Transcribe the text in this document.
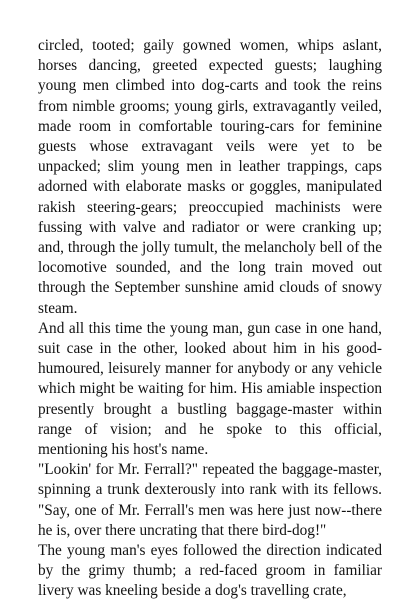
circled, tooted; gaily gowned women, whips aslant, horses dancing, greeted expected guests; laughing young men climbed into dog-carts and took the reins from nimble grooms; young girls, extravagantly veiled, made room in comfortable touring-cars for feminine guests whose extravagant veils were yet to be unpacked; slim young men in leather trappings, caps adorned with elaborate masks or goggles, manipulated rakish steering-gears; preoccupied machinists were fussing with valve and radiator or were cranking up; and, through the jolly tumult, the melancholy bell of the locomotive sounded, and the long train moved out through the September sunshine amid clouds of snowy steam.

And all this time the young man, gun case in one hand, suit case in the other, looked about him in his good-humoured, leisurely manner for anybody or any vehicle which might be waiting for him. His amiable inspection presently brought a bustling baggage-master within range of vision; and he spoke to this official, mentioning his host's name.

"Lookin' for Mr. Ferrall?" repeated the baggage-master, spinning a trunk dexterously into rank with its fellows. "Say, one of Mr. Ferrall's men was here just now--there he is, over there uncrating that there bird-dog!"

The young man's eyes followed the direction indicated by the grimy thumb; a red-faced groom in familiar livery was kneeling beside a dog's travelling crate,
